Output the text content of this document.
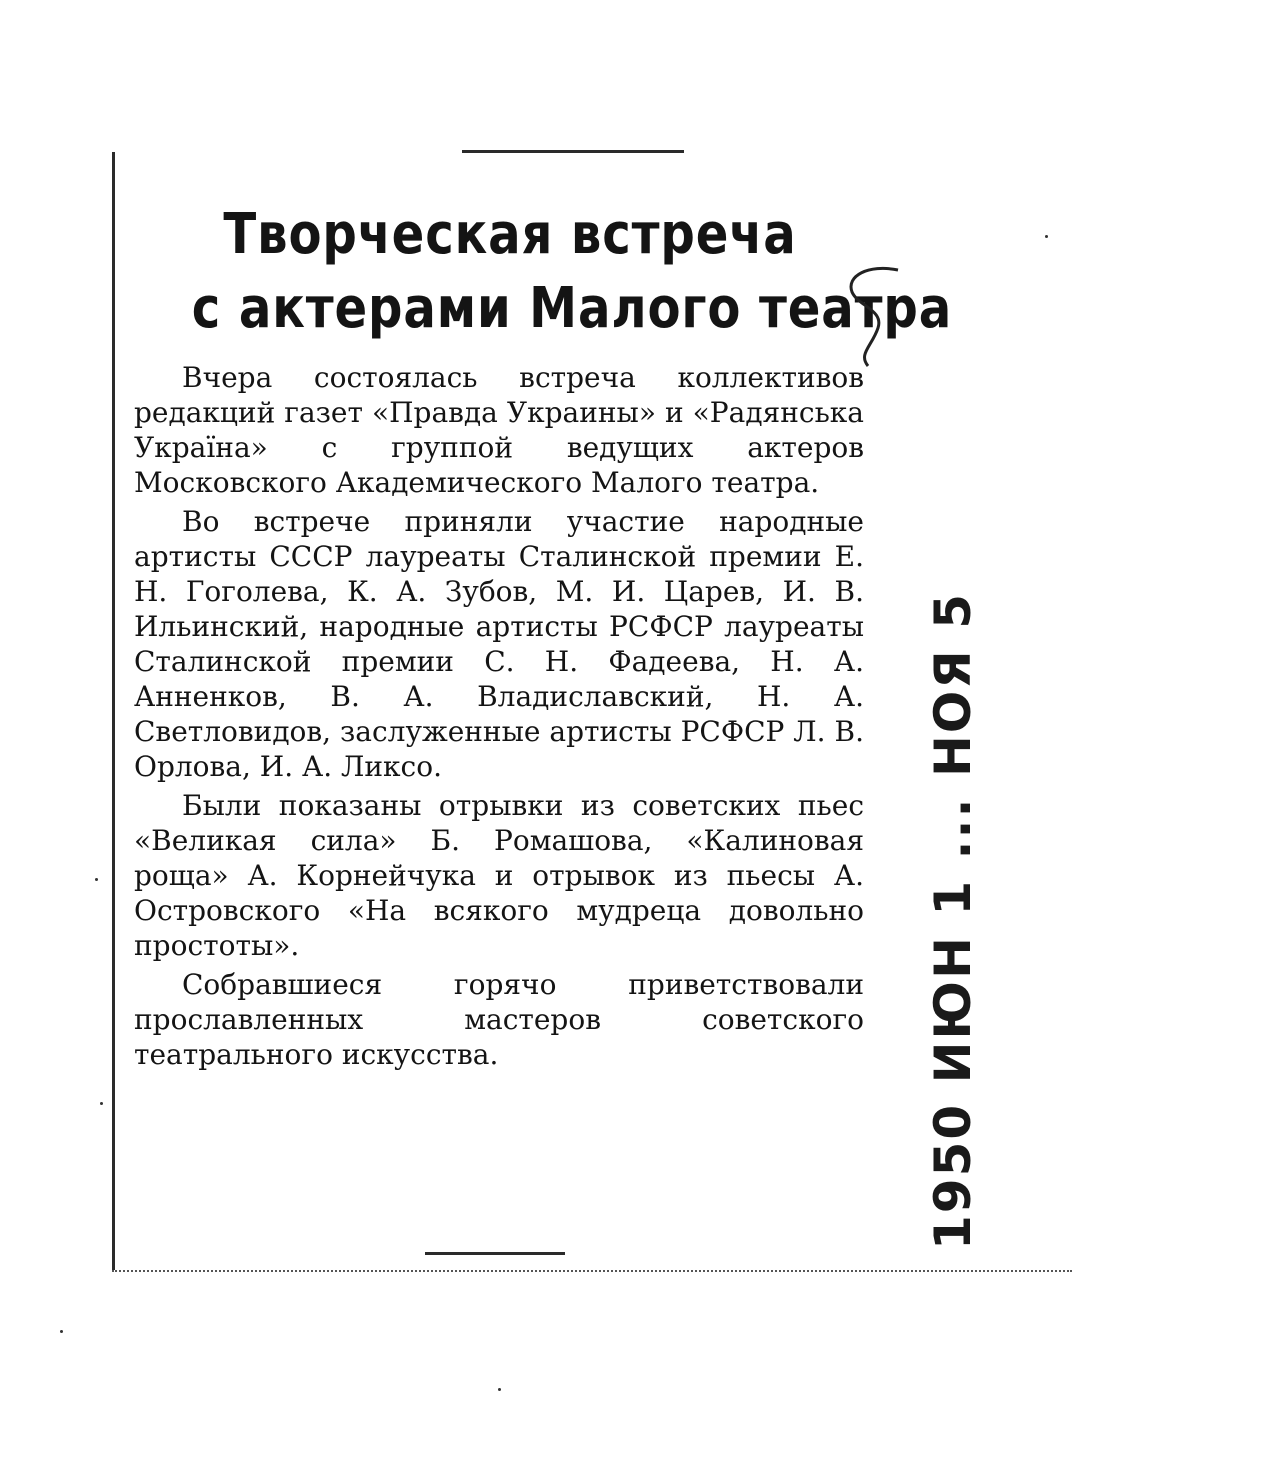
Творческая встреча
с актерами Малого театра

Вчера состоялась встреча коллективов редакций газет «Правда Украины» и «Радянська Україна» с группой ведущих актеров Московского Академического Малого театра.

Во встрече приняли участие народные артисты СССР лауреаты Сталинской премии Е. Н. Гоголева, К. А. Зубов, М. И. Царев, И. В. Ильинский, народные артисты РСФСР лауреаты Сталинской премии С. Н. Фадеева, Н. А. Анненков, В. А. Владиславский, Н. А. Светловидов, заслуженные артисты РСФСР Л. В. Орлова, И. А. Ликсо.

Были показаны отрывки из советских пьес «Великая сила» Б. Ромашова, «Калиновая роща» А. Корнейчука и отрывок из пьесы А. Островского «На всякого мудреца довольно простоты».

Собравшиеся горячо приветствовали прославленных мастеров советского театрального искусства.	1950 ИЮН 1 ... НОЯ 5
